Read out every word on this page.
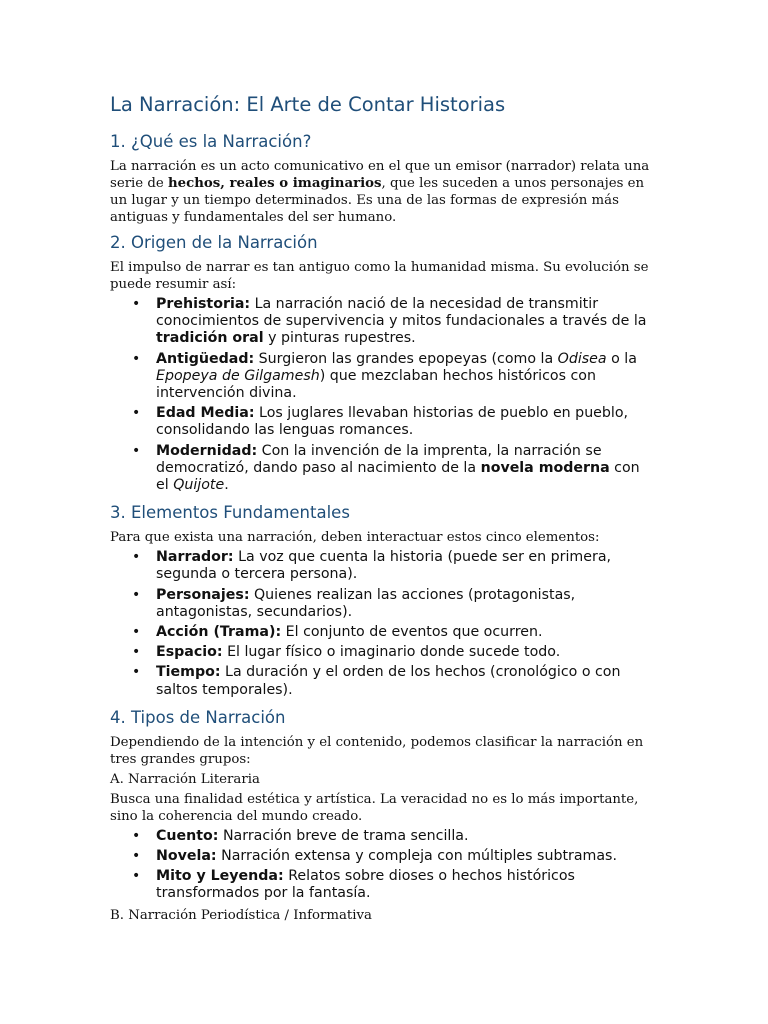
La Narración: El Arte de Contar Historias
1. ¿Qué es la Narración?

La narración es un acto comunicativo en el que un emisor (narrador) relata una serie de hechos, reales o imaginarios, que les suceden a unos personajes en un lugar y un tiempo determinados. Es una de las formas de expresión más antiguas y fundamentales del ser humano.

2. Origen de la Narración

El impulso de narrar es tan antiguo como la humanidad misma. Su evolución se puede resumir así:

• Prehistoria: La narración nació de la necesidad de transmitir conocimientos de supervivencia y mitos fundacionales a través de la tradición oral y pinturas rupestres.
• Antigüedad: Surgieron las grandes epopeyas (como la Odisea o la Epopeya de Gilgamesh) que mezclaban hechos históricos con intervención divina.
• Edad Media: Los juglares llevaban historias de pueblo en pueblo, consolidando las lenguas romances.
• Modernidad: Con la invención de la imprenta, la narración se democratizó, dando paso al nacimiento de la novela moderna con el Quijote.
3. Elementos Fundamentales

Para que exista una narración, deben interactuar estos cinco elementos:

• Narrador: La voz que cuenta la historia (puede ser en primera, segunda o tercera persona).
• Personajes: Quienes realizan las acciones (protagonistas, antagonistas, secundarios).
• Acción (Trama): El conjunto de eventos que ocurren.
• Espacio: El lugar físico o imaginario donde sucede todo.
• Tiempo: La duración y el orden de los hechos (cronológico o con saltos temporales).
4. Tipos de Narración

Dependiendo de la intención y el contenido, podemos clasificar la narración en tres grandes grupos:

A. Narración Literaria

Busca una finalidad estética y artística. La veracidad no es lo más importante, sino la coherencia del mundo creado.

• Cuento: Narración breve de trama sencilla.
• Novela: Narración extensa y compleja con múltiples subtramas.
• Mito y Leyenda: Relatos sobre dioses o hechos históricos transformados por la fantasía.

B. Narración Periodística / Informativa
